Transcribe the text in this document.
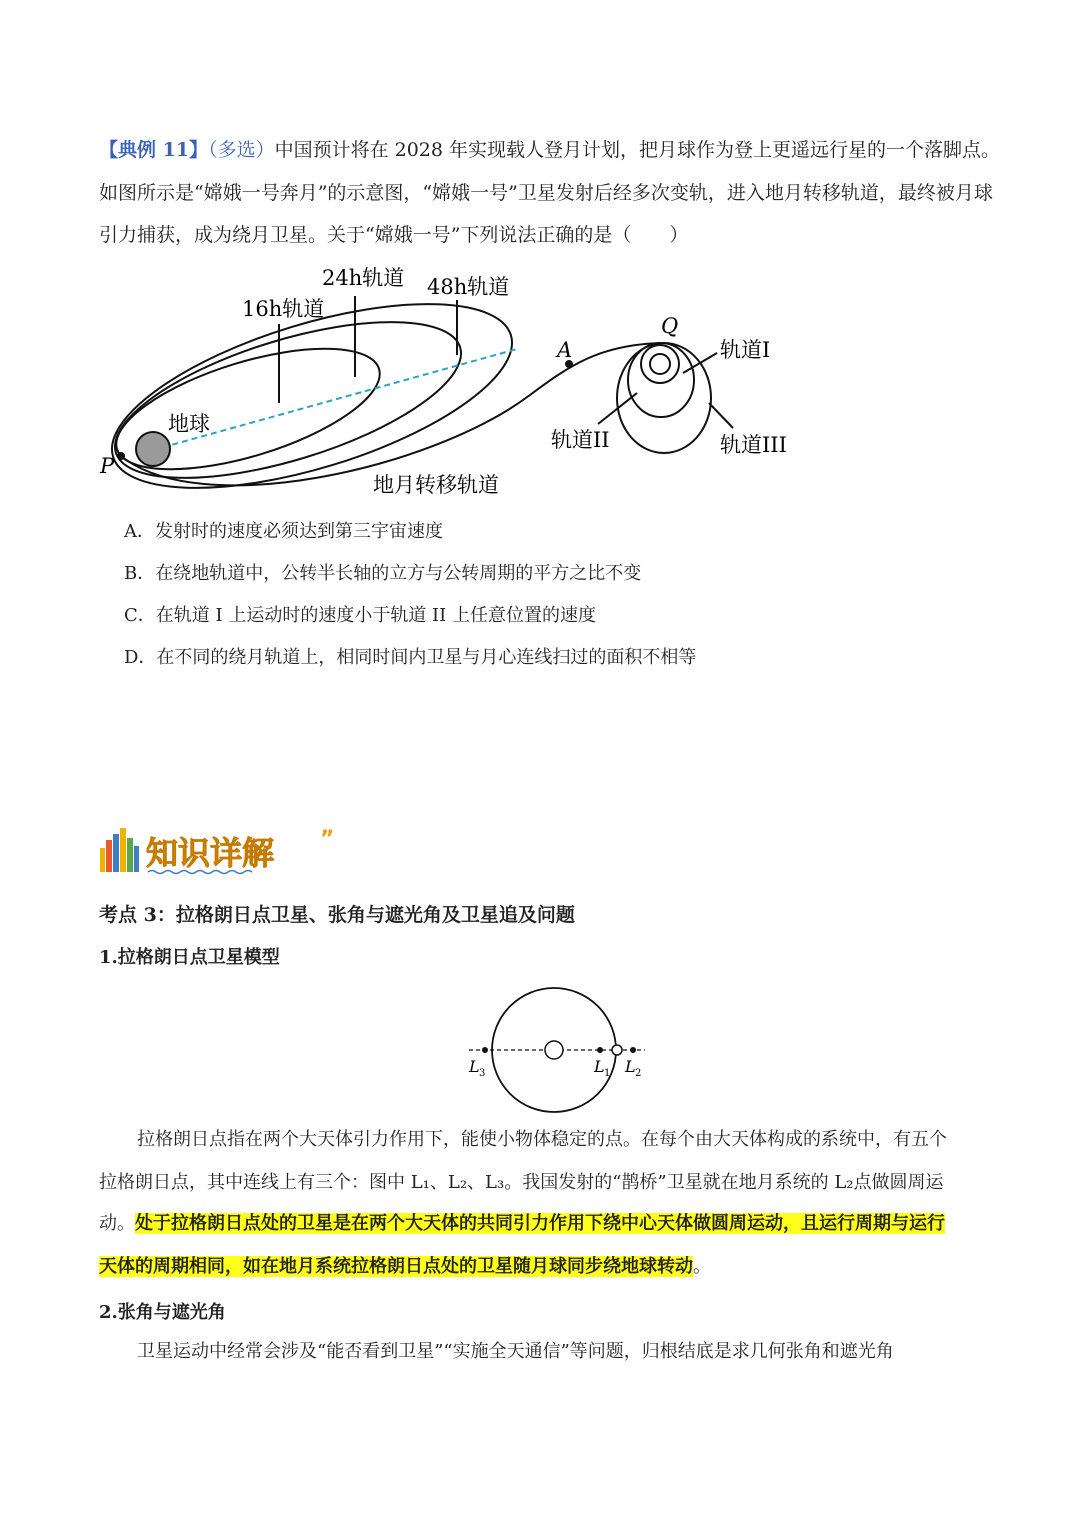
【典例 11】（多选）中国预计将在 2028 年实现载人登月计划，把月球作为登上更遥远行星的一个落脚点。
如图所示是“嫦娥一号奔月”的示意图，“嫦娥一号”卫星发射后经多次变轨，进入地月转移轨道，最终被月球
引力捕获，成为绕月卫星。关于“嫦娥一号”下列说法正确的是（　　）
16h轨道
24h轨道 48h轨道
地球
P
A
Q
地月转移轨道
轨道I
轨道II	轨道III
A．发射时的速度必须达到第三宇宙速度
B．在绕地轨道中，公转半长轴的立方与公转周期的平方之比不变
C．在轨道 I 上运动时的速度小于轨道 II 上任意位置的速度
D．在不同的绕月轨道上，相同时间内卫星与月心连线扫过的面积不相等
知识详解 ”
考点 3：拉格朗日点卫星、张角与遮光角及卫星追及问题
1.拉格朗日点卫星模型
L 3	L 1 L 2
拉格朗日点指在两个大天体引力作用下，能使小物体稳定的点。在每个由大天体构成的系统中，有五个
拉格朗日点，其中连线上有三个：图中 L₁、L₂、L₃。我国发射的“鹊桥”卫星就在地月系统的 L₂点做圆周运
动。处于拉格朗日点处的卫星是在两个大天体的共同引力作用下绕中心天体做圆周运动，且运行周期与运行
天体的周期相同，如在地月系统拉格朗日点处的卫星随月球同步绕地球转动。
2.张角与遮光角
卫星运动中经常会涉及“能否看到卫星”“实施全天通信”等问题，归根结底是求几何张角和遮光角
